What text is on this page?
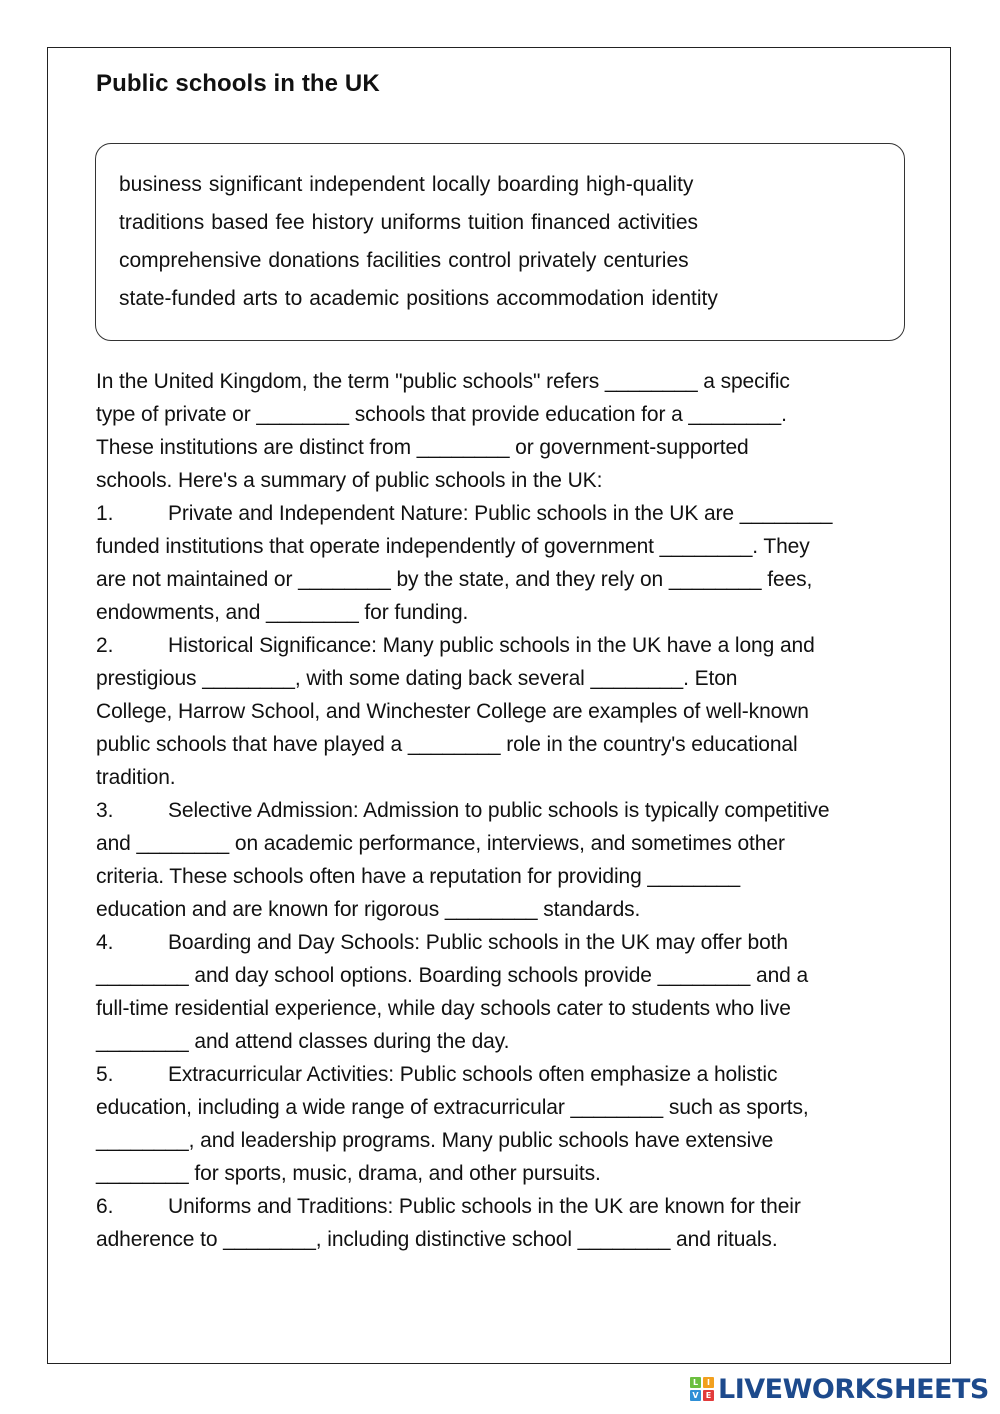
Public schools in the UK
business significant independent locally boarding high-quality
traditions based fee history uniforms tuition financed activities
comprehensive donations facilities control privately centuries
state-funded arts to academic positions accommodation identity
In the United Kingdom, the term "public schools" refers ________ a specific
type of private or ________ schools that provide education for a ________.
These institutions are distinct from ________ or government-supported
schools. Here's a summary of public schools in the UK:
1.	Private and Independent Nature: Public schools in the UK are ________
funded institutions that operate independently of government ________. They
are not maintained or ________ by the state, and they rely on ________ fees,
endowments, and ________ for funding.
2.	Historical Significance: Many public schools in the UK have a long and
prestigious ________, with some dating back several ________. Eton
College, Harrow School, and Winchester College are examples of well-known
public schools that have played a ________ role in the country's educational
tradition.
3.	Selective Admission: Admission to public schools is typically competitive
and ________ on academic performance, interviews, and sometimes other
criteria. These schools often have a reputation for providing ________
education and are known for rigorous ________ standards.
4.	Boarding and Day Schools: Public schools in the UK may offer both
________ and day school options. Boarding schools provide ________ and a
full-time residential experience, while day schools cater to students who live
________ and attend classes during the day.
5.	Extracurricular Activities: Public schools often emphasize a holistic
education, including a wide range of extracurricular ________ such as sports,
________, and leadership programs. Many public schools have extensive
________ for sports, music, drama, and other pursuits.
6.	Uniforms and Traditions: Public schools in the UK are known for their
adherence to ________, including distinctive school ________ and rituals.
L	I
V E LIVEWORKSHEETS
